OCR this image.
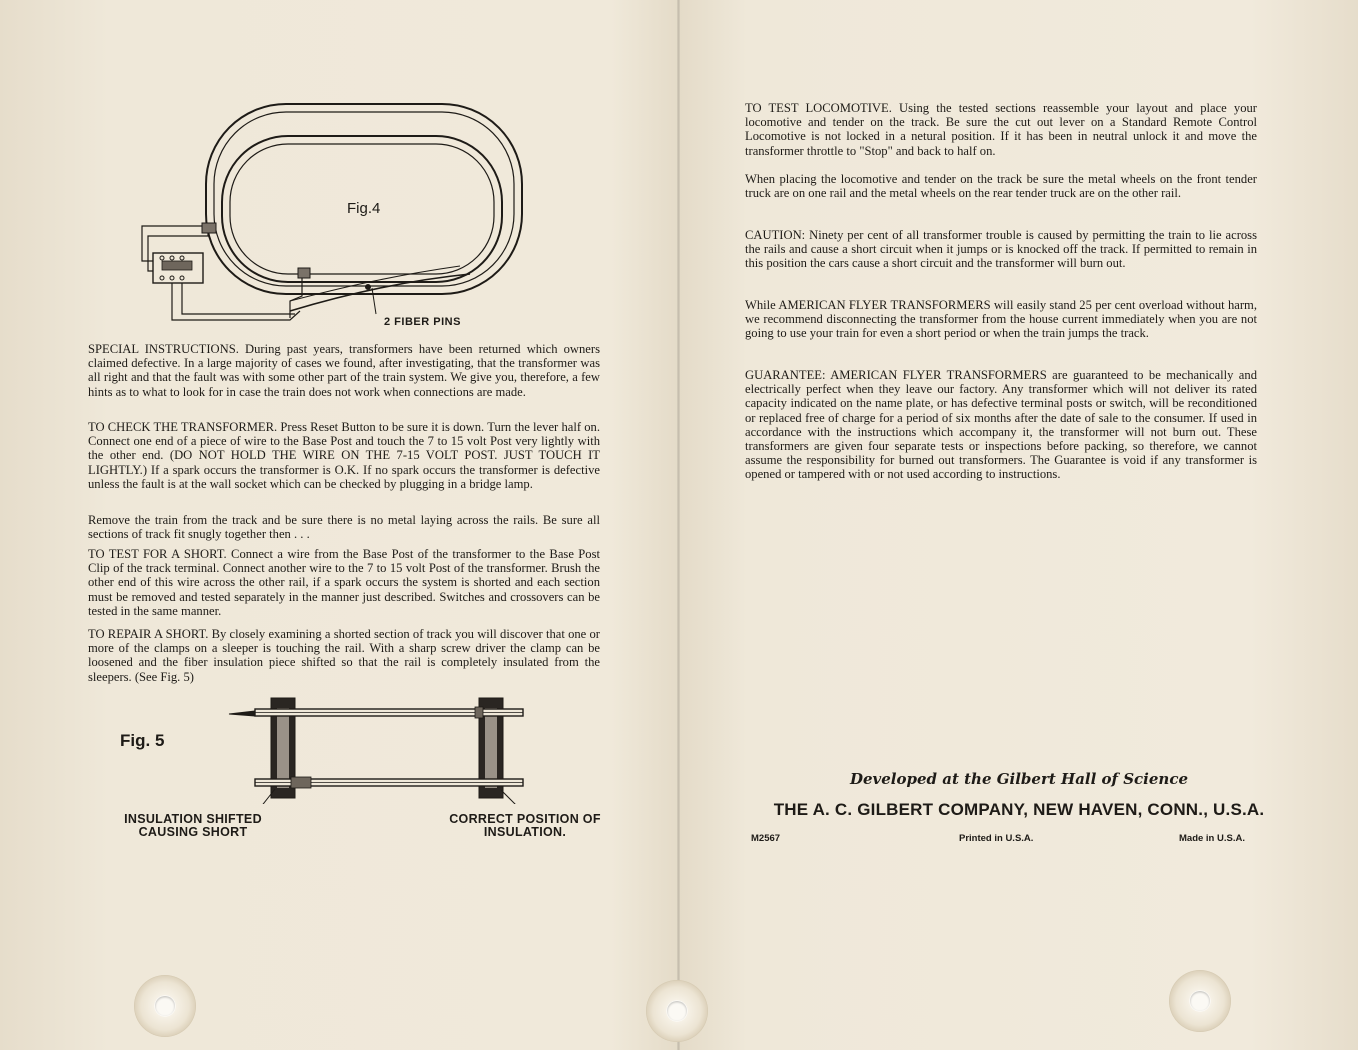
Fig.4
2 FIBER PINS

SPECIAL INSTRUCTIONS. During past years, transformers have been returned which owners claimed defective. In a large majority of cases we found, after investigating, that the transformer was all right and that the fault was with some other part of the train system. We give you, therefore, a few hints as to what to look for in case the train does not work when connections are made.

TO CHECK THE TRANSFORMER. Press Reset Button to be sure it is down. Turn the lever half on. Connect one end of a piece of wire to the Base Post and touch the 7 to 15 volt Post very lightly with the other end. (DO NOT HOLD THE WIRE ON THE 7-15 VOLT POST. JUST TOUCH IT LIGHTLY.) If a spark occurs the transformer is O.K. If no spark occurs the transformer is defective unless the fault is at the wall socket which can be checked by plugging in a bridge lamp.

Remove the train from the track and be sure there is no metal laying across the rails. Be sure all sections of track fit snugly together then . . .

TO TEST FOR A SHORT. Connect a wire from the Base Post of the transformer to the Base Post Clip of the track terminal. Connect another wire to the 7 to 15 volt Post of the transformer. Brush the other end of this wire across the other rail, if a spark occurs the system is shorted and each section must be removed and tested separately in the manner just described. Switches and crossovers can be tested in the same manner.

TO REPAIR A SHORT. By closely examining a shorted section of track you will discover that one or more of the clamps on a sleeper is touching the rail. With a sharp screw driver the clamp can be loosened and the fiber insulation piece shifted so that the rail is completely insulated from the sleepers. (See Fig. 5)

Fig. 5
INSULATION SHIFTED
CAUSING SHORT
CORRECT POSITION OF
INSULATION.

TO TEST LOCOMOTIVE. Using the tested sections reassemble your layout and place your locomotive and tender on the track. Be sure the cut out lever on a Standard Remote Control Locomotive is not locked in a netural position. If it has been in neutral unlock it and move the transformer throttle to "Stop" and back to half on.

When placing the locomotive and tender on the track be sure the metal wheels on the front tender truck are on one rail and the metal wheels on the rear tender truck are on the other rail.

CAUTION: Ninety per cent of all transformer trouble is caused by permitting the train to lie across the rails and cause a short circuit when it jumps or is knocked off the track. If permitted to remain in this position the cars cause a short circuit and the transformer will burn out.

While AMERICAN FLYER TRANSFORMERS will easily stand 25 per cent overload without harm, we recommend disconnecting the transformer from the house current immediately when you are not going to use your train for even a short period or when the train jumps the track.

GUARANTEE: AMERICAN FLYER TRANSFORMERS are guaranteed to be mechanically and electrically perfect when they leave our factory. Any transformer which will not deliver its rated capacity indicated on the name plate, or has defective terminal posts or switch, will be reconditioned or replaced free of charge for a period of six months after the date of sale to the consumer. If used in accordance with the instructions which accompany it, the transformer will not burn out. These transformers are given four separate tests or inspections before packing, so therefore, we cannot assume the responsibility for burned out transformers. The Guarantee is void if any transformer is opened or tampered with or not used according to instructions.

Developed at the Gilbert Hall of Science
THE A. C. GILBERT COMPANY, NEW HAVEN, CONN., U.S.A.
M2567	Printed in U.S.A.	Made in U.S.A.
